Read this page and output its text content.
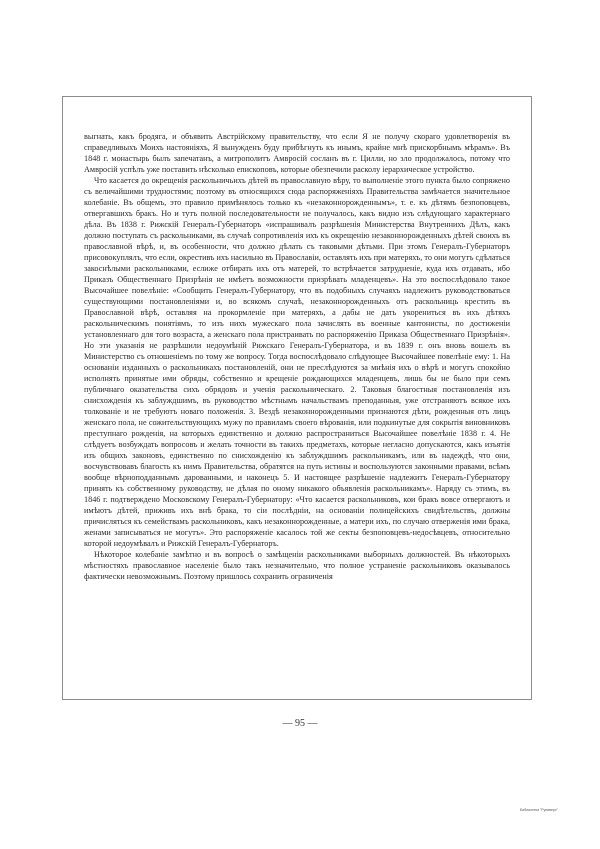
выгнать, какъ бродяга, и объявить Австрійскому правительству, что если Я не получу скораго удовлетворенія въ справедливыхъ Моихъ настояніяхъ, Я вынужденъ буду прибѣгнуть къ инымъ, крайне мнѣ прискорбнымъ мѣрамъ». Въ 1848 г. монастырь былъ запечатанъ, а митрополитъ Амвросій сосланъ въ г. Цилли, но зло продолжалось, потому что Амвросій успѣлъ уже поставить нѣсколько епископовъ, которые обезпечили расколу іерархическое устройство.

Что касается до окрещенія раскольничьихъ дѣтей въ православную вѣру, то выполненіе этого пункта было сопряжено съ величайшими трудностями; поэтому въ относящихся сюда распоряженіяхъ Правительства замѣчается значительное колебаніе. Въ общемъ, это правило примѣнялось только къ «незаконнорожденнымъ», т. е. къ дѣтямъ безпоповцевъ, отвергавшихъ бракъ. Но и тутъ полной последовательности не получалось, какъ видно изъ слѣдующаго характернаго дѣла. Въ 1838 г. Рижскій Генералъ-Губернаторъ «испрашивалъ разрѣшенія Министерства Внутреннихъ Дѣлъ, какъ должно поступать съ раскольниками, въ случаѣ сопротивленія ихъ къ окрещенію незаконнорожденныхъ дѣтей своихъ въ православной вѣрѣ, и, въ особенности, что должно дѣлать съ таковыми дѣтьми. При этомъ Генералъ-Губернаторъ присовокуплялъ, что если, окрестивъ ихъ насильно въ Православіи, оставлять ихъ при матеряхъ, то они могутъ сдѣлаться закоснѣлыми раскольниками, еслиже отбирать ихъ отъ матерей, то встрѣчается затрудненіе, куда ихъ отдавать, ибо Приказъ Общественнаго Призрѣнія не имѣетъ возможности призрѣвать младенцевъ». На это воспослѣдовало такое Высочайшее повелѣніе: «Сообщить Генералъ-Губернатору, что въ подобныхъ случаяхъ надлежитъ руководствоваться существующими постановленіями и, во всякомъ случаѣ, незаконнорожденныхъ отъ раскольниць крестить въ Православной вѣрѣ, оставляя на прокормленіе при матеряхъ, а дабы не дать укорениться въ ихъ дѣтяхъ раскольническимъ понятіямъ, то изъ нихъ мужескаго пола зачислять въ военные кантонисты, по достиженіи установленнаго для того возраста, а женскаго пола пристраивать по распоряженію Приказа Общественнаго Призрѣнія». Но эти указанія не разрѣшили недоумѣній Рижскаго Генералъ-Губернатора, и въ 1839 г. онъ вновь вошелъ въ Министерство съ отношеніемъ по тому же вопросу. Тогда воспослѣдовало слѣдующее Высочайшее повелѣніе ему: 1. На основаніи изданныхъ о раскольникахъ постановленій, они не преслѣдуются за мнѣнія ихъ о вѣрѣ и могутъ спокойно исполнять принятые ими обряды, собственно и крещеніе рождающихся младенцевъ, лишь бы не было при семъ публичнаго оказательства сихъ обрядовъ и ученія раскольническаго. 2. Таковыя благостныя постановленія изъ снисхожденія къ заблуждшимъ, въ руководство мѣстнымъ начальствамъ преподанныя, уже отстраняютъ всякое ихъ толкованіе и не требуютъ новаго положенія. 3. Вездѣ незаконнорожденными признаются дѣти, рожденныя отъ лицъ женскаго пола, не сожительствующихъ мужу по правиламъ своего вѣрованія, или подкинутые для сокрытія виновниковъ преступнаго рожденія, на которыхъ единственно и должно распространиться Высочайшее повелѣніе 1838 г. 4. Не слѣдуетъ возбуждать вопросовъ и желать точности въ такихъ предметахъ, которые негласно допускаются, какъ изъятія изъ общихъ законовъ, единственно по снисхожденію къ заблуждшимъ раскольникамъ, или въ надеждѣ, что они, восчувствовавъ благость къ нимъ Правительства, обратятся на путь истины и воспользуются законными правами, всѣмъ вообще вѣрноподданнымъ дарованными, и наконецъ 5. И настоящее разрѣшеніе надлежитъ Генералъ-Губернатору принять къ собственному руководству, не дѣлая по оному никакого объявленія раскольникамъ». Наряду съ этимъ, въ 1846 г. подтверждено Московскому Генералъ-Губернатору: «Что касается раскольниковъ, кои бракъ вовсе отвергаютъ и имѣютъ дѣтей, приживъ ихъ внѣ брака, то сіи послѣдніи, на основаніи полицейскихъ свидѣтельствъ, должны причисляться къ семействамъ раскольниковъ, какъ незаконнорожденные, а матери ихъ, по случаю отверженія ими брака, женами записываться не могутъ». Это распоряженіе касалось той же секты безпоповцевъ-недосѣвцевъ, относительно которой недоумѣвалъ и Рижскій Генералъ-Губернаторъ.

Нѣкоторое колебаніе замѣтно и въ вопросѣ о замѣщеніи раскольниками выборныхъ должностей. Въ нѣкоторыхъ мѣстностяхъ православное населеніе было такъ незначительно, что полное устраненіе раскольниковъ оказывалось фактически невозможнымъ. Поэтому пришлось сохранить ограниченія

— 95 —
Библиотека "Руниверс"
